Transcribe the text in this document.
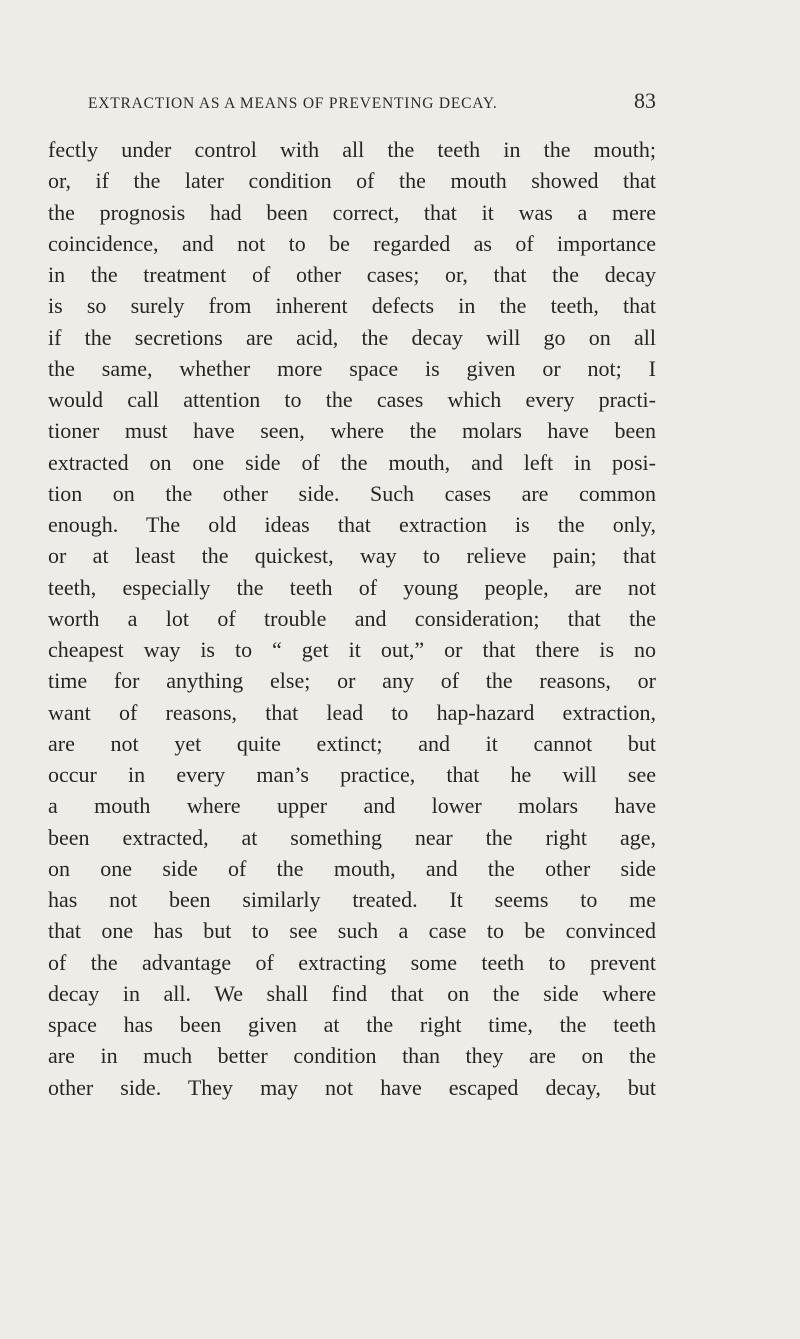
EXTRACTION AS A MEANS OF PREVENTING DECAY.	83
fectly under control with all the teeth in the mouth;
or, if the later condition of the mouth showed that
the prognosis had been correct, that it was a mere
coincidence, and not to be regarded as of importance
in the treatment of other cases; or, that the decay
is so surely from inherent defects in the teeth, that
if the secretions are acid, the decay will go on all
the same, whether more space is given or not; I
would call attention to the cases which every practi-
tioner must have seen, where the molars have been
extracted on one side of the mouth, and left in posi-
tion on the other side. Such cases are common
enough. The old ideas that extraction is the only,
or at least the quickest, way to relieve pain; that
teeth, especially the teeth of young people, are not
worth a lot of trouble and consideration; that the
cheapest way is to “ get it out,” or that there is no
time for anything else; or any of the reasons, or
want of reasons, that lead to hap-hazard extraction,
are not yet quite extinct; and it cannot but
occur in every man’s practice, that he will see
a mouth where upper and lower molars have
been extracted, at something near the right age,
on one side of the mouth, and the other side
has not been similarly treated. It seems to me
that one has but to see such a case to be convinced
of the advantage of extracting some teeth to prevent
decay in all. We shall find that on the side where
space has been given at the right time, the teeth
are in much better condition than they are on the
other side. They may not have escaped decay, but
